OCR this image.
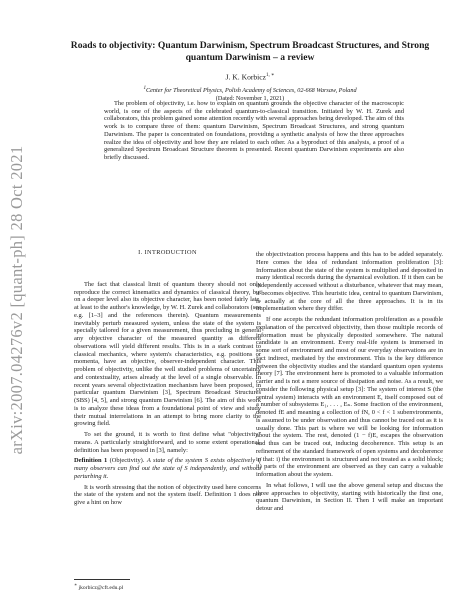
arXiv:2007.04276v2 [quant-ph] 28 Oct 2021
Roads to objectivity: Quantum Darwinism, Spectrum Broadcast Structures, and Strong quantum Darwinism – a review
J. K. Korbicz$^{1, ∗}$
$^1$Center for Theoretical Physics, Polish Academy of Sciences, 02-668 Warsaw, Poland
(Dated: November 1, 2021)

The problem of objectivity, i.e. how to explain on quantum grounds the objective character of the macroscopic world, is one of the aspects of the celebrated quantum-to-classical transition. Initiated by W. H. Zurek and collaborators, this problem gained some attention recently with several approaches being developed. The aim of this work is to compare three of them: quantum Darwinism, Spectrum Broadcast Structures, and strong quantum Darwinism. The paper is concentrated on foundations, providing a synthetic analysis of how the three approaches realize the idea of objectivity and how they are related to each other. As a byproduct of this analysis, a proof of a generalized Spectrum Broadcast Structure theorem is presented. Recent quantum Darwinism experiments are also briefly discussed.

I. INTRODUCTION

The fact that classical limit of quantum theory should not only reproduce the correct kinematics and dynamics of classical theory, but on a deeper level also its objective character, has been noted fairly late, at least to the author's knowledge, by W. H. Zurek and collaborators (see e.g. [1–3] and the references therein). Quantum measurements inevitably perturb measured system, unless the state of the system is specially tailored for a given measurement, thus precluding in general any objective character of the measured quantity as different observations will yield different results. This is in a stark contrast to classical mechanics, where system's characteristics, e.g. positions or momenta, have an objective, observer-independent character. This problem of objectivity, unlike the well studied problems of uncertainty and contextuality, arises already at the level of a single observable. In recent years several objectivization mechanism have been proposed, in particular quantum Darwinism [3], Spectrum Broadcast Structures (SBS) [4, 5], and strong quantum Darwinism [6]. The aim of this work is to analyze these ideas from a foundational point of view and study their mutual interrelations in an attempt to bring more clarity to the growing field.

To set the ground, it is worth to first define what "objectivity" means. A particularly straightforward, and to some extent operational, definition has been proposed in [3], namely:

Definition 1 (Objectivity). A state of the system S exists objectively if many observers can find out the state of S independently, and without perturbing it.

It is worth stressing that the notion of objectivity used here concerns the state of the system and not the system itself. Definition 1 does not give a hint on how

the objectivization process happens and this has to be added separately. Here comes the idea of redundant information proliferation [3]: Information about the state of the system is multiplied and deposited in many identical records during the dynamical evolution. If it then can be independently accessed without a disturbance, whatever that may mean, it becomes objective. This heuristic idea, central to quantum Darwinism, is actually at the core of all the three approaches. It is in its implementation where they differ.

If one accepts the redundant information proliferation as a possible explanation of the perceived objectivity, then those multiple records of information must be physically deposited somewhere. The natural candidate is an environment. Every real-life system is immersed in some sort of environment and most of our everyday observations are in fact indirect, mediated by the environment. This is the key difference between the objectivity studies and the standard quantum open systems theory [7]. The environment here is promoted to a valuable information carrier and is not a mere source of dissipation and noise. As a result, we consider the following physical setup [3]: The system of interest S (the central system) interacts with an environment E, itself composed out of a number of subsystems E₁, . . . , Eₙ. Some fraction of the environment, denoted fE and meaning a collection of fN, 0 < f < 1 subenvironments, is assumed to be under observation and thus cannot be traced out as it is usually done. This part is where we will be looking for information about the system. The rest, denoted (1 − f)E, escapes the observation and thus can be traced out, inducing decoherence. This setup is an refinement of the standard framework of open systems and decoherence in that: i) the environment is structured and not treated as a solid block; ii) parts of the environment are observed as they can carry a valuable information about the system.

In what follows, I will use the above general setup and discuss the three approaches to objectivity, starting with historically the first one, quantum Darwinism, in Section II. Then I will make an important detour and

∗ jkorbicz@cft.edu.pl
